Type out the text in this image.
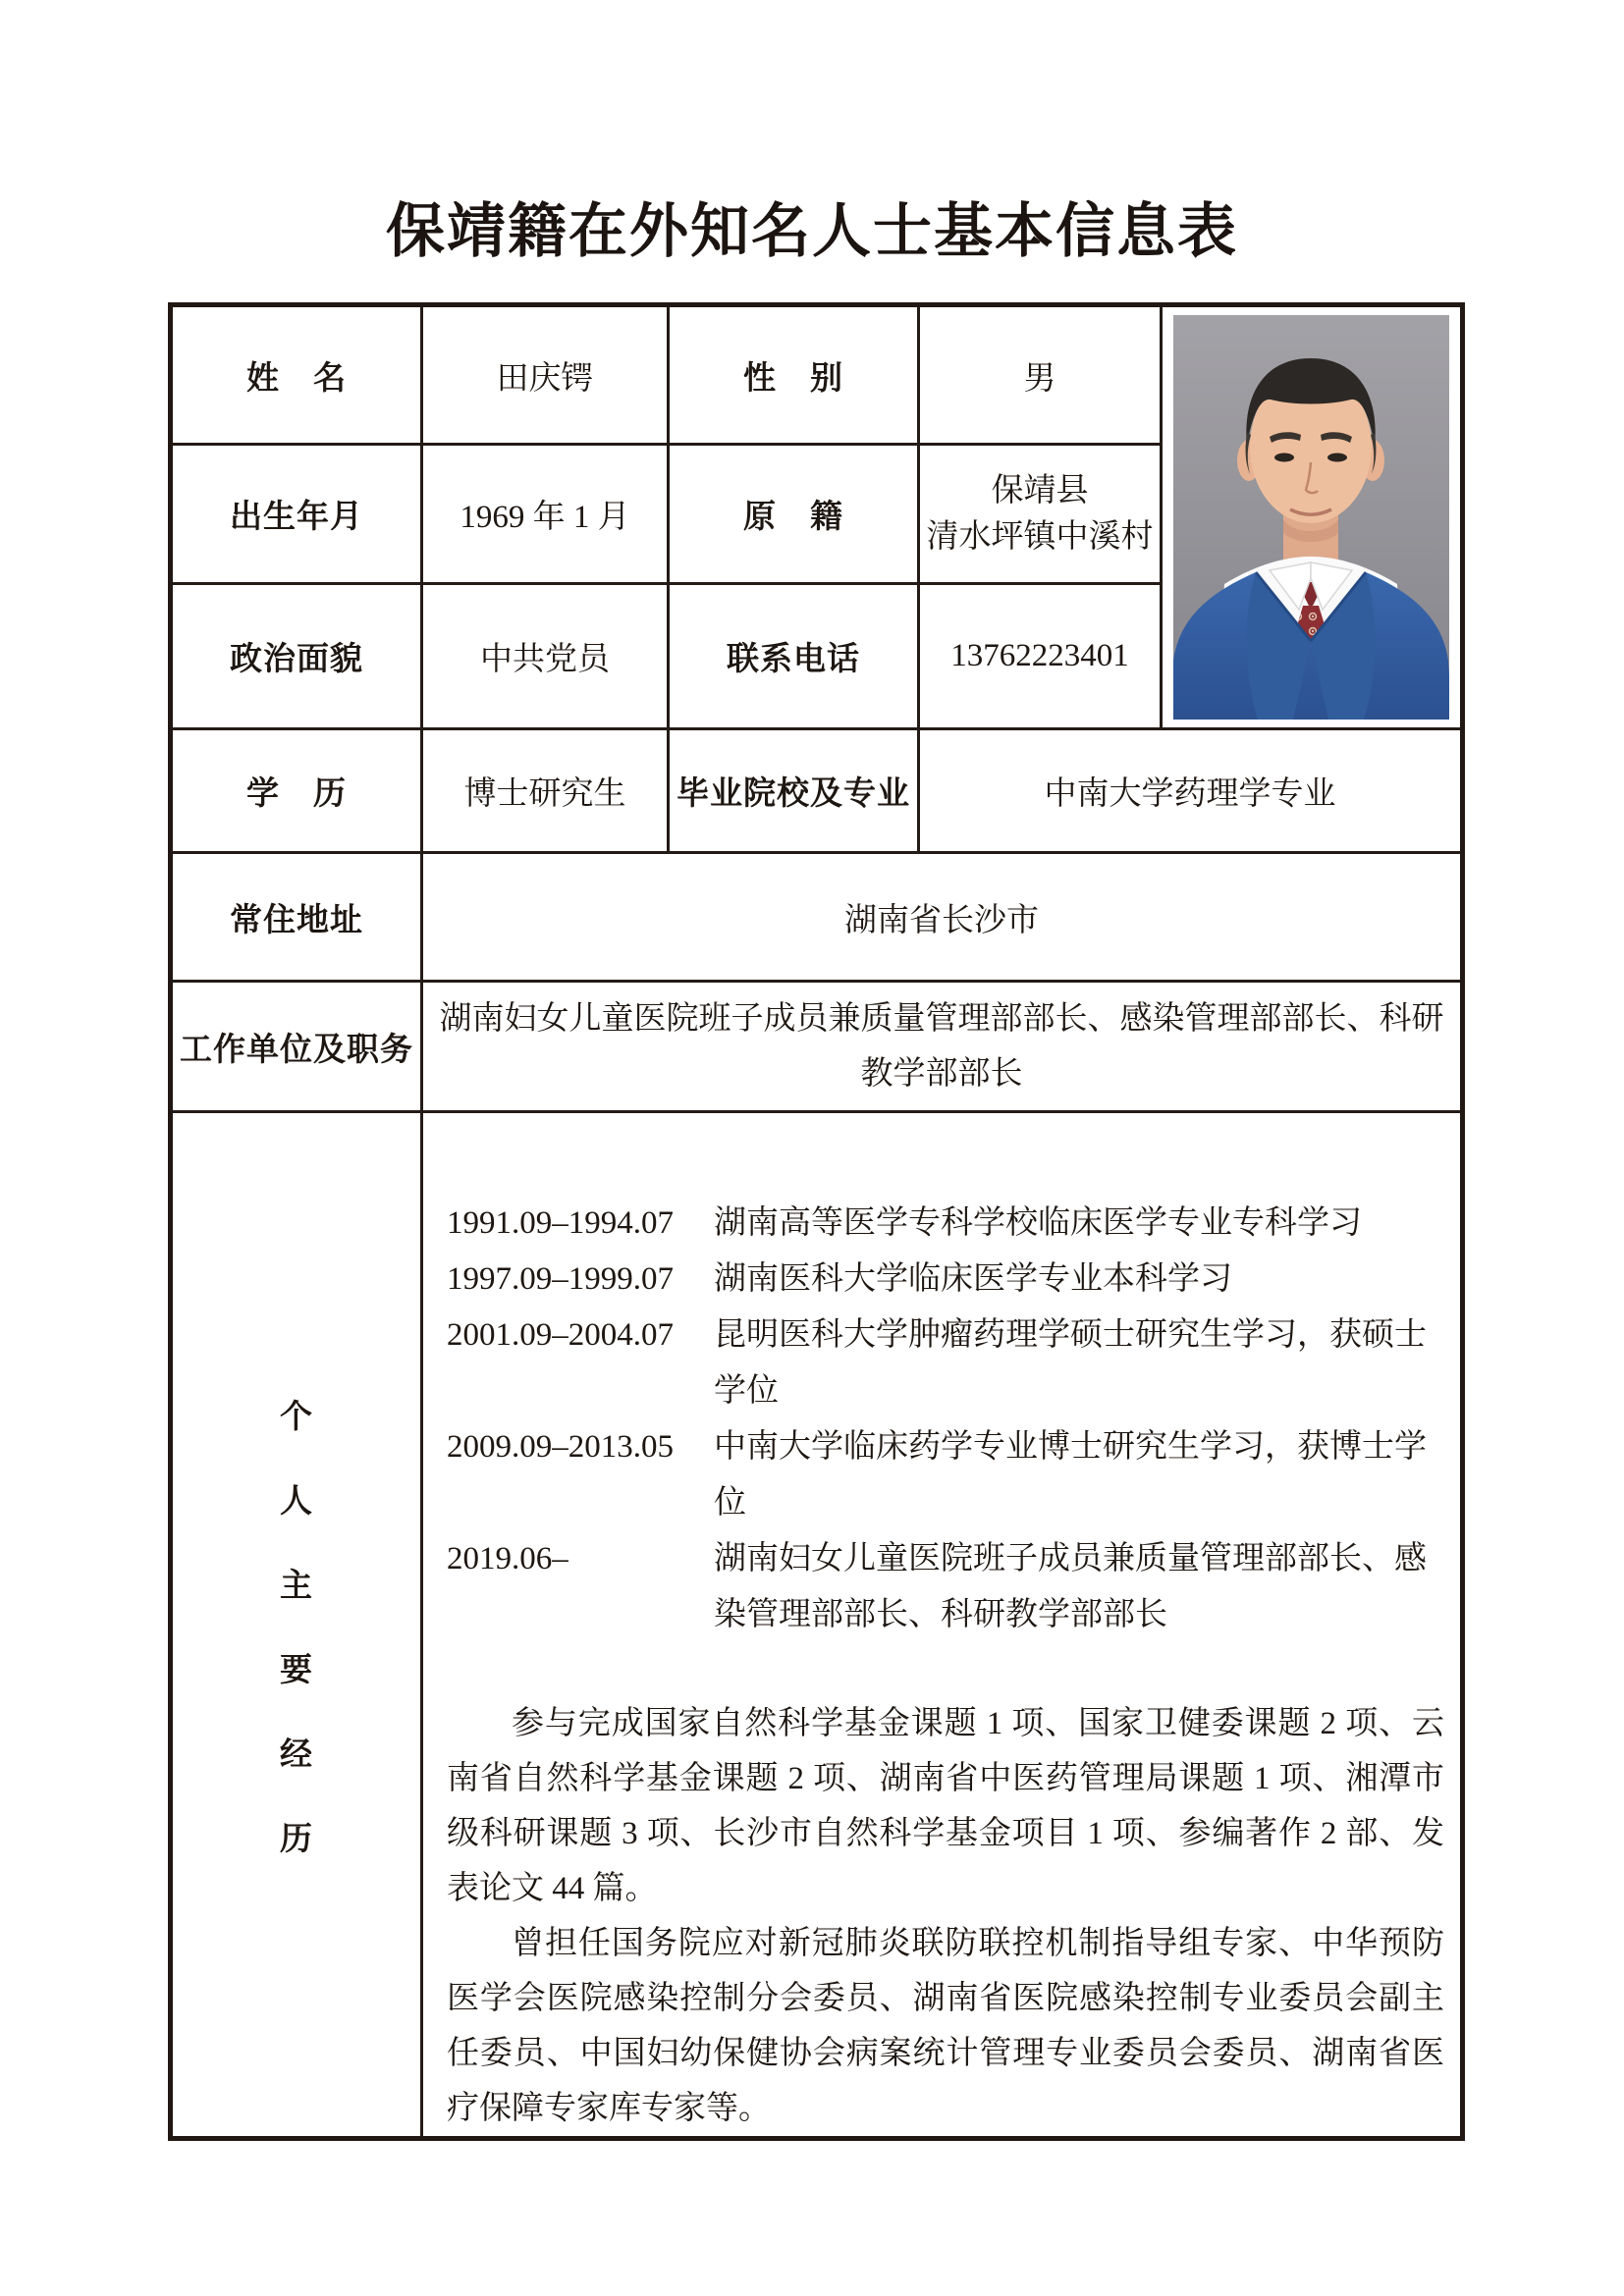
保靖籍在外知名人士基本信息表
姓　名	田庆锷	性　别	男	

出生年月	1969 年 1 月	原　籍	保靖县
清水坪镇中溪村	

政治面貌	中共党员	联系电话	13762223401	
学　历	博士研究生	毕业院校及专业	中南大学药理学专业	
常住地址	湖南省长沙市			
工作单位及职务	湖南妇女儿童医院班子成员兼质量管理部部长、感染管理部部长、科研教学部部长			

个
人
主
要
经
历

1991.09–1994.07	湖南高等医学专科学校临床医学专业专科学习
1997.09–1999.07	湖南医科大学临床医学专业本科学习
2001.09–2004.07	昆明医科大学肿瘤药理学硕士研究生学习，获硕士学位
2009.09–2013.05	中南大学临床药学专业博士研究生学习，获博士学位
2019.06–	湖南妇女儿童医院班子成员兼质量管理部部长、感染管理部部长、科研教学部部长

参与完成国家自然科学基金课题 1 项、国家卫健委课题 2 项、云南省自然科学基金课题 2 项、湖南省中医药管理局课题 1 项、湘潭市级科研课题 3 项、长沙市自然科学基金项目 1 项、参编著作 2 部、发表论文 44 篇。

曾担任国务院应对新冠肺炎联防联控机制指导组专家、中华预防医学会医院感染控制分会委员、湖南省医院感染控制专业委员会副主任委员、中国妇幼保健协会病案统计管理专业委员会委员、湖南省医疗保障专家库专家等。
